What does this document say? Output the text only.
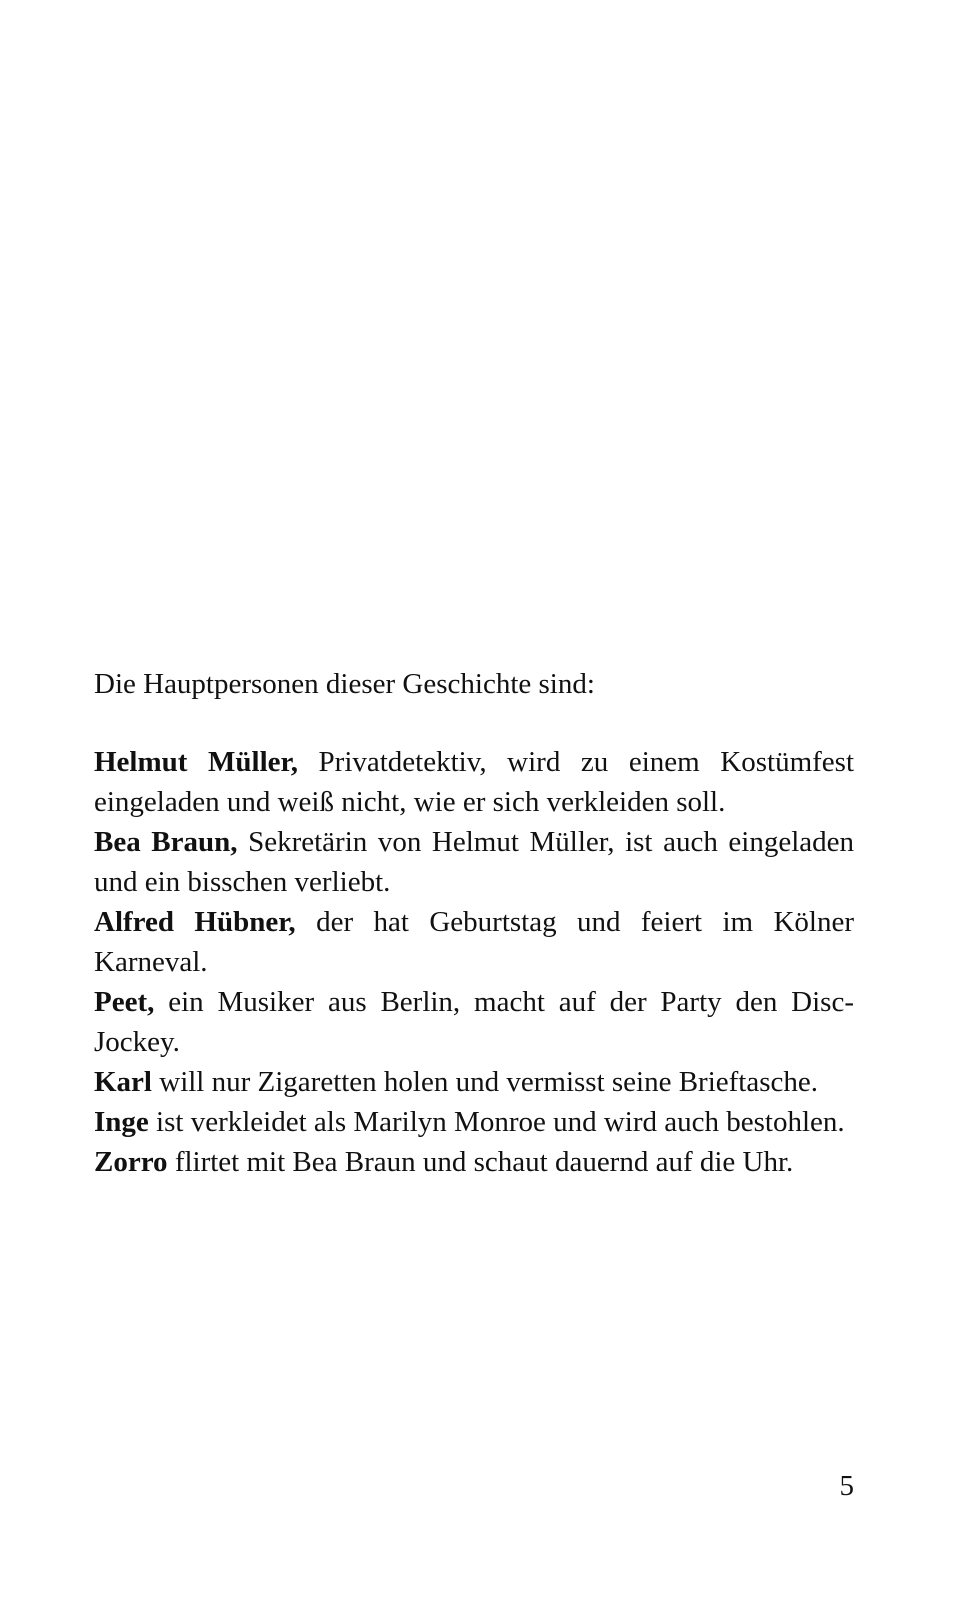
Die Hauptpersonen dieser Geschichte sind:

Helmut Müller, Privatdetektiv, wird zu einem Kostümfest eingeladen und weiß nicht, wie er sich verkleiden soll.

Bea Braun, Sekretärin von Helmut Müller, ist auch eingeladen und ein bisschen verliebt.

Alfred Hübner, der hat Geburtstag und feiert im Kölner Karneval.

Peet, ein Musiker aus Berlin, macht auf der Party den Disc-Jockey.

Karl will nur Zigaretten holen und vermisst seine Brieftasche.

Inge ist verkleidet als Marilyn Monroe und wird auch bestohlen.

Zorro flirtet mit Bea Braun und schaut dauernd auf die Uhr.

5
